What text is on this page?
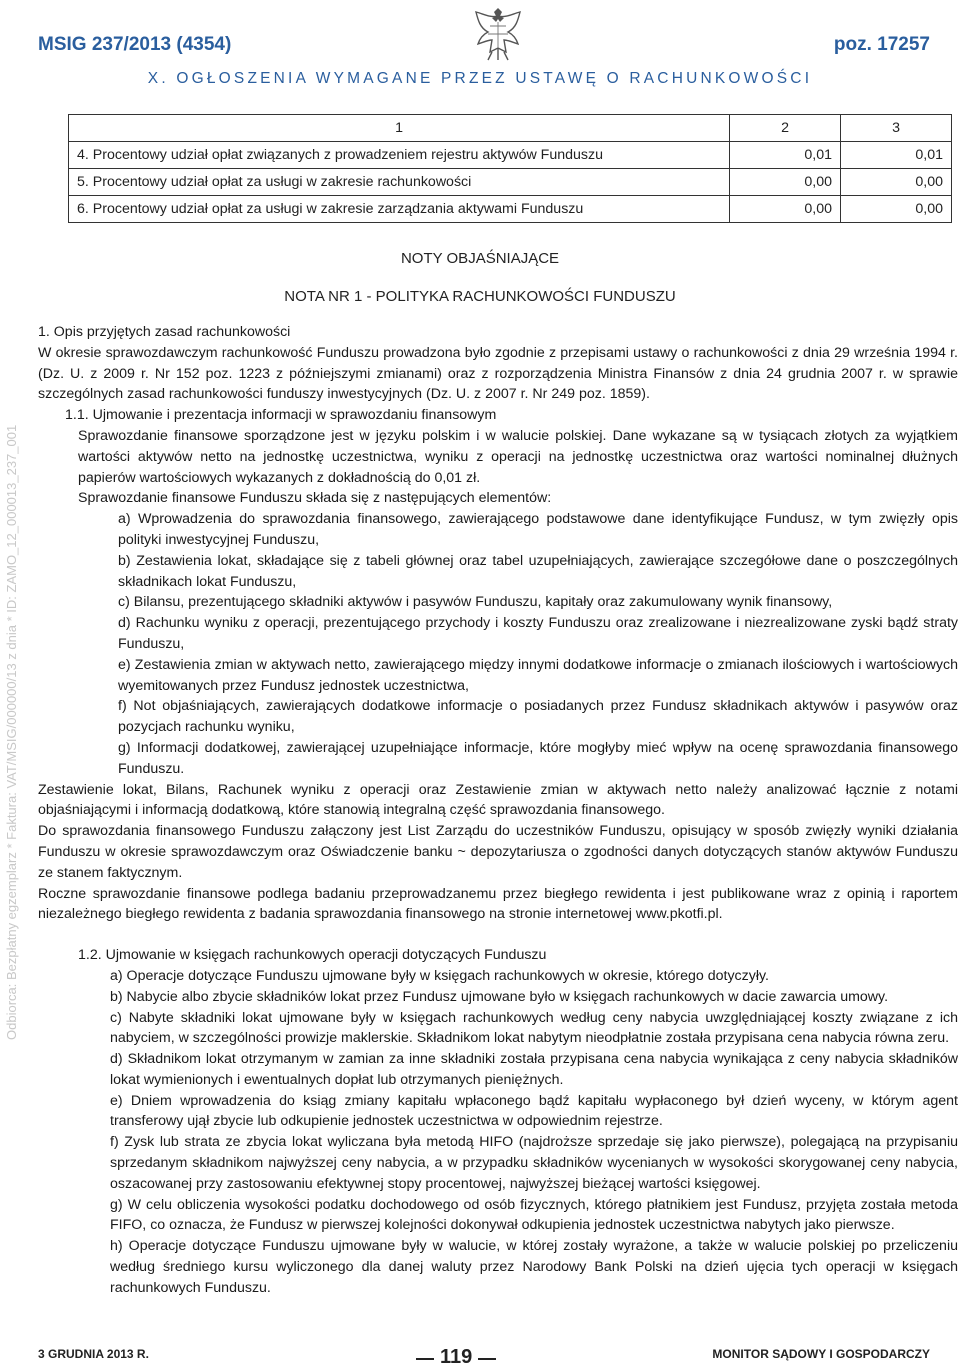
MSIG 237/2013 (4354)	poz. 17257
X. OGŁOSZENIA WYMAGANE PRZEZ USTAWĘ O RACHUNKOWOŚCI
1	2	3
4. Procentowy udział opłat związanych z prowadzeniem rejestru aktywów Funduszu	0,01	0,01
5. Procentowy udział opłat za usługi w zakresie rachunkowości	0,00	0,00
6. Procentowy udział opłat za usługi w zakresie zarządzania aktywami Funduszu	0,00	0,00
NOTY OBJAŚNIAJĄCE
NOTA NR 1 - POLITYKA RACHUNKOWOŚCI FUNDUSZU
Odbiorca: Bezpłatny egzemplarz * Faktura: VAT/MSIG/000000/13 z dnia * ID: ZAMO_12_000013_237_001

1. Opis przyjętych zasad rachunkowości

W okresie sprawozdawczym rachunkowość Funduszu prowadzona było zgodnie z przepisami ustawy o rachunkowości z dnia 29 września 1994 r. (Dz. U. z 2009 r. Nr 152 poz. 1223 z późniejszymi zmianami) oraz z rozporządzenia Ministra Finansów z dnia 24 grudnia 2007 r. w sprawie szczególnych zasad rachunkowości funduszy inwestycyjnych (Dz. U. z 2007 r. Nr 249 poz. 1859).

1.1. Ujmowanie i prezentacja informacji w sprawozdaniu finansowym

Sprawozdanie finansowe sporządzone jest w języku polskim i w walucie polskiej. Dane wykazane są w tysiącach złotych za wyjątkiem wartości aktywów netto na jednostkę uczestnictwa, wyniku z operacji na jednostkę uczestnictwa oraz wartości nominalnej dłużnych papierów wartościowych wykazanych z dokładnością do 0,01 zł.

Sprawozdanie finansowe Funduszu składa się z następujących elementów:

a) Wprowadzenia do sprawozdania finansowego, zawierającego podstawowe dane identyfikujące Fundusz, w tym zwięzły opis polityki inwestycyjnej Funduszu,

b) Zestawienia lokat, składające się z tabeli głównej oraz tabel uzupełniających, zawierające szczegółowe dane o poszczególnych składnikach lokat Funduszu,

c) Bilansu, prezentującego składniki aktywów i pasywów Funduszu, kapitały oraz zakumulowany wynik finansowy,

d) Rachunku wyniku z operacji, prezentującego przychody i koszty Funduszu oraz zrealizowane i niezrealizowane zyski bądź straty Funduszu,

e) Zestawienia zmian w aktywach netto, zawierającego między innymi dodatkowe informacje o zmianach ilościowych i wartościowych wyemitowanych przez Fundusz jednostek uczestnictwa,

f) Not objaśniających, zawierających dodatkowe informacje o posiadanych przez Fundusz składnikach aktywów i pasywów oraz pozycjach rachunku wyniku,

g) Informacji dodatkowej, zawierającej uzupełniające informacje, które mogłyby mieć wpływ na ocenę sprawozdania finansowego Funduszu.

Zestawienie lokat, Bilans, Rachunek wyniku z operacji oraz Zestawienie zmian w aktywach netto należy analizować łącznie z notami objaśniającymi i informacją dodatkową, które stanowią integralną część sprawozdania finansowego.

Do sprawozdania finansowego Funduszu załączony jest List Zarządu do uczestników Funduszu, opisujący w sposób zwięzły wyniki działania Funduszu w okresie sprawozdawczym oraz Oświadczenie banku ~ depozytariusza o zgodności danych dotyczących stanów aktywów Funduszu ze stanem faktycznym.

Roczne sprawozdanie finansowe podlega badaniu przeprowadzanemu przez biegłego rewidenta i jest publikowane wraz z opinią i raportem niezależnego biegłego rewidenta z badania sprawozdania finansowego na stronie internetowej www.pkotfi.pl.

1.2. Ujmowanie w księgach rachunkowych operacji dotyczących Funduszu

a) Operacje dotyczące Funduszu ujmowane były w księgach rachunkowych w okresie, którego dotyczyły.

b) Nabycie albo zbycie składników lokat przez Fundusz ujmowane było w księgach rachunkowych w dacie zawarcia umowy.

c) Nabyte składniki lokat ujmowane były w księgach rachunkowych według ceny nabycia uwzględniającej koszty związane z ich nabyciem, w szczególności prowizje maklerskie. Składnikom lokat nabytym nieodpłatnie została przypisana cena nabycia równa zeru.

d) Składnikom lokat otrzymanym w zamian za inne składniki została przypisana cena nabycia wynikająca z ceny nabycia składników lokat wymienionych i ewentualnych dopłat lub otrzymanych pieniężnych.

e) Dniem wprowadzenia do ksiąg zmiany kapitału wpłaconego bądź kapitału wypłaconego był dzień wyceny, w którym agent transferowy ujął zbycie lub odkupienie jednostek uczestnictwa w odpowiednim rejestrze.

f) Zysk lub strata ze zbycia lokat wyliczana była metodą HIFO (najdroższe sprzedaje się jako pierwsze), polegającą na przypisaniu sprzedanym składnikom najwyższej ceny nabycia, a w przypadku składników wycenianych w wysokości skorygowanej ceny nabycia, oszacowanej przy zastosowaniu efektywnej stopy procentowej, najwyższej bieżącej wartości księgowej.

g) W celu obliczenia wysokości podatku dochodowego od osób fizycznych, którego płatnikiem jest Fundusz, przyjęta została metoda FIFO, co oznacza, że Fundusz w pierwszej kolejności dokonywał odkupienia jednostek uczestnictwa nabytych jako pierwsze.

h) Operacje dotyczące Funduszu ujmowane były w walucie, w której zostały wyrażone, a także w walucie polskiej po przeliczeniu według średniego kursu wyliczonego dla danej waluty przez Narodowy Bank Polski na dzień ujęcia tych operacji w księgach rachunkowych Funduszu.

3 GRUDNIA 2013 R.	119	MONITOR SĄDOWY I GOSPODARCZY
